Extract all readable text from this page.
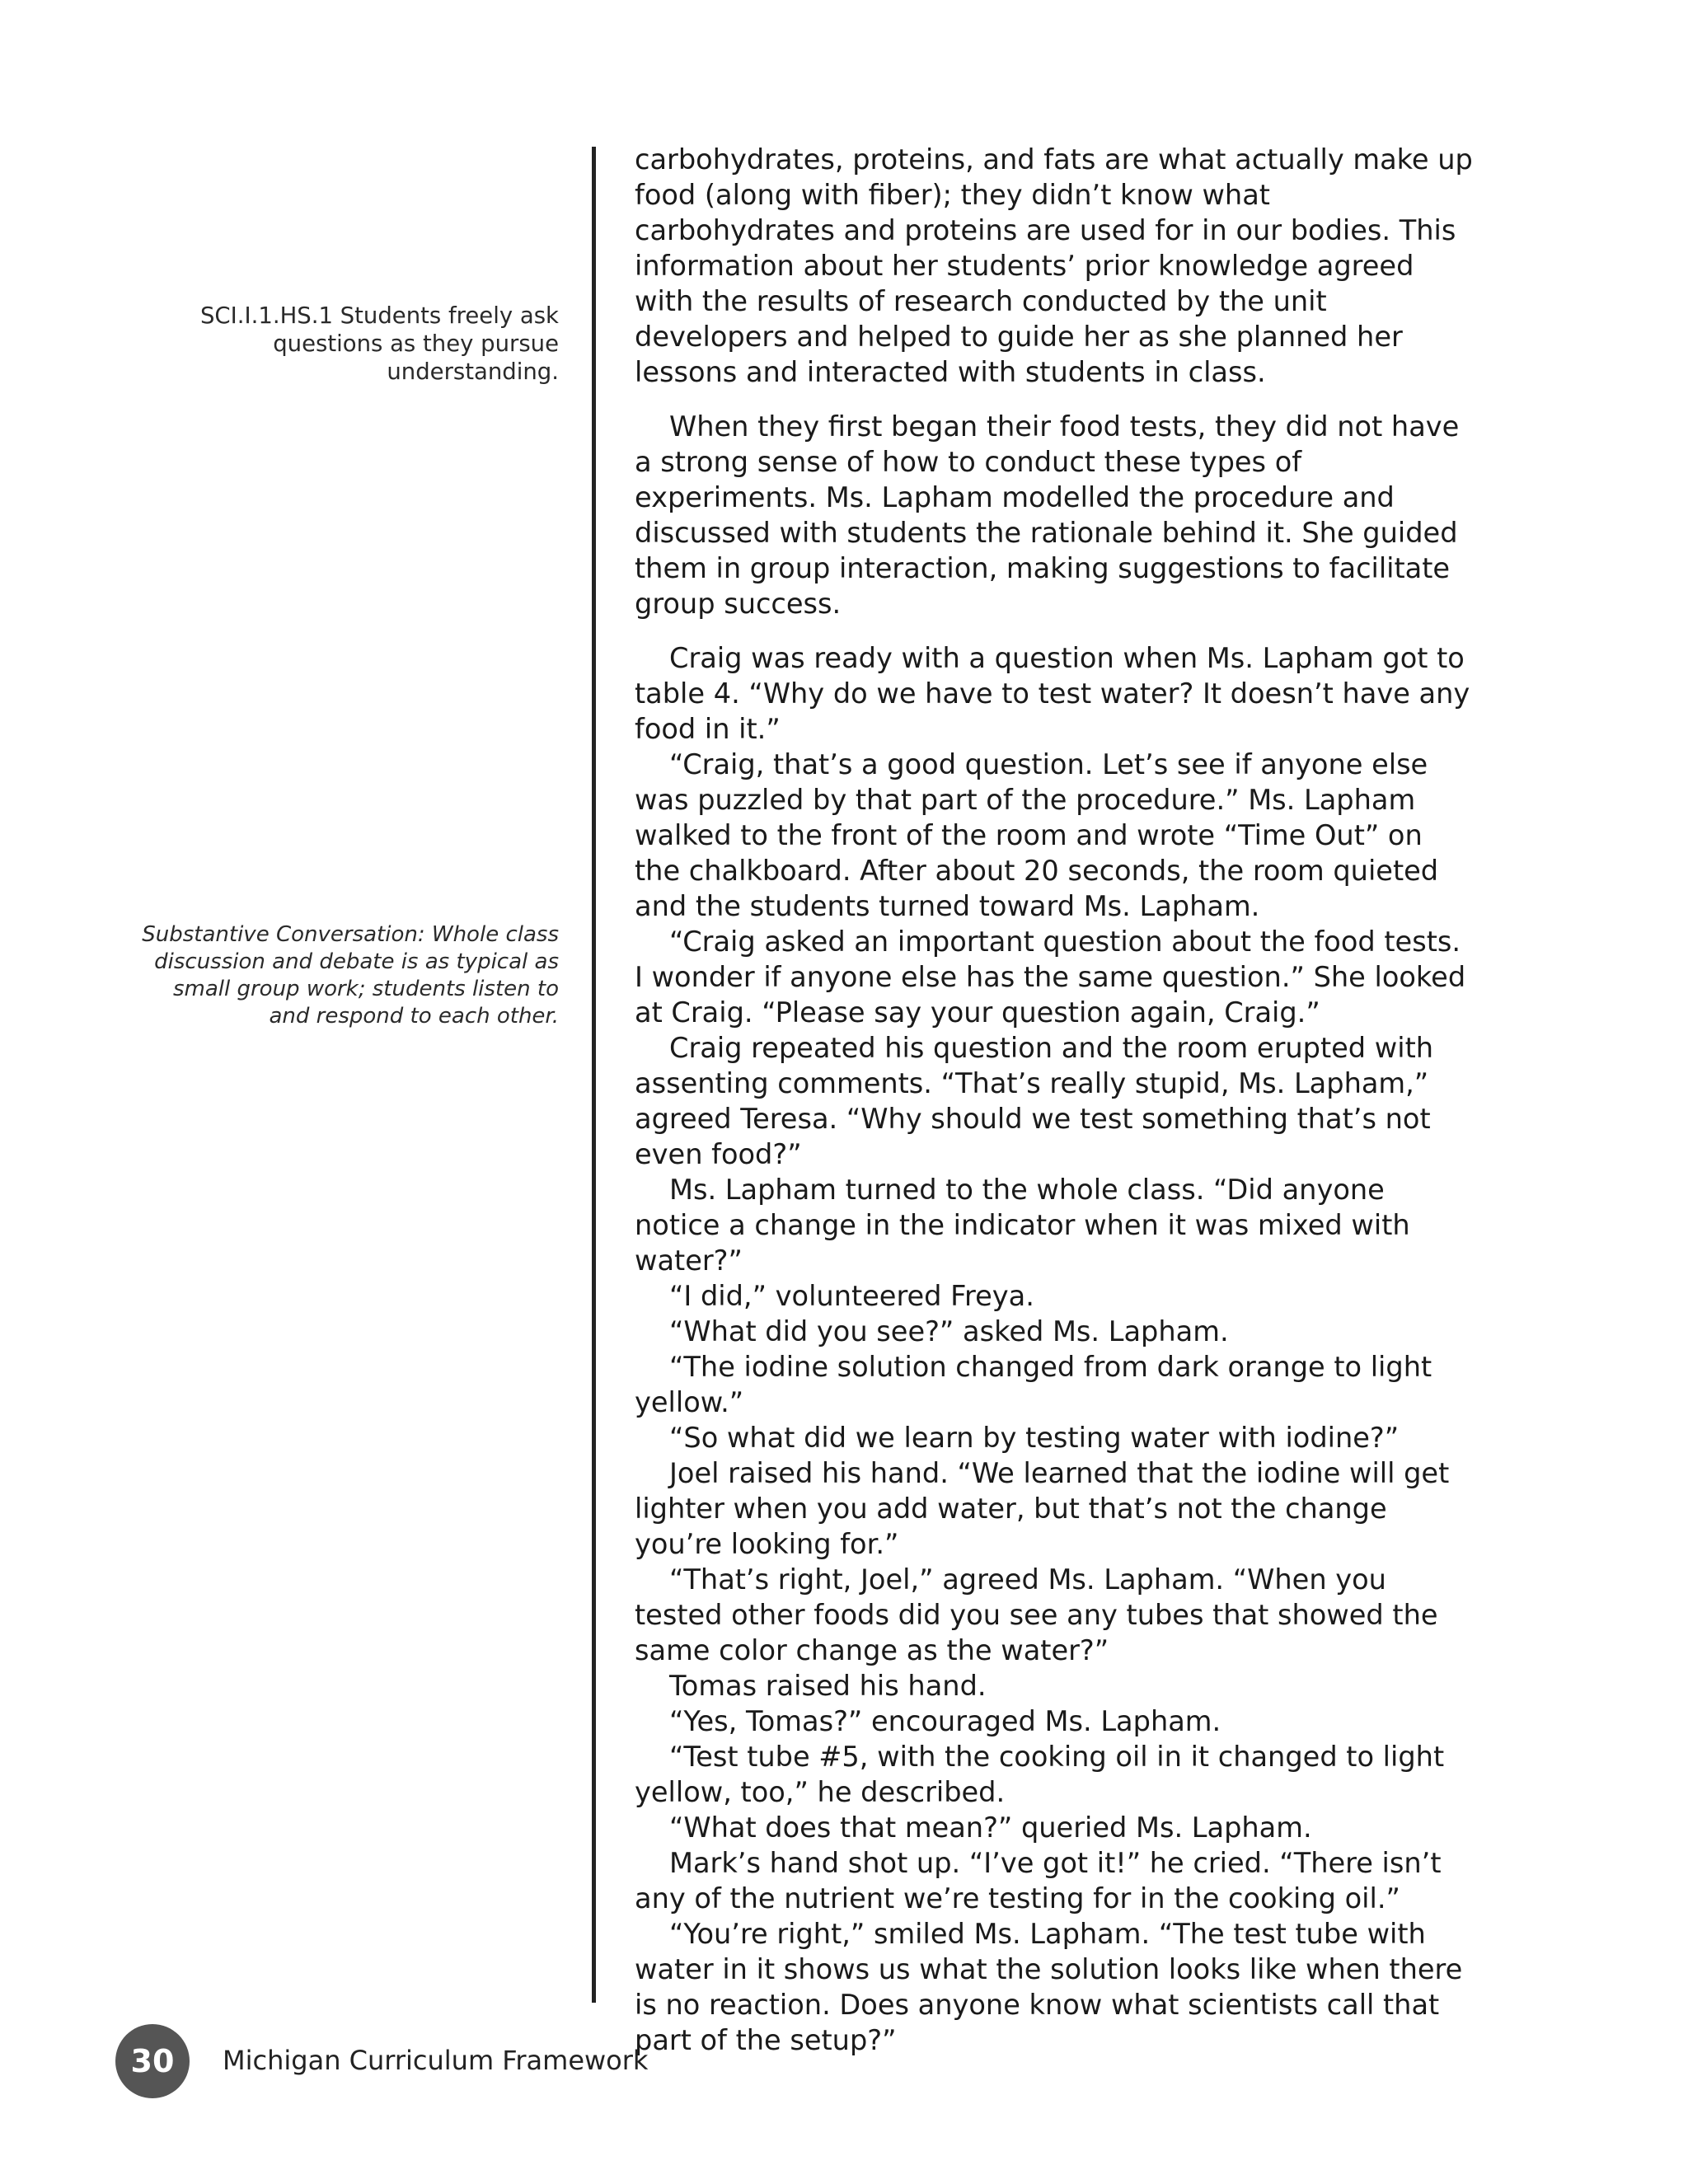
SCI.I.1.HS.1 Students freely ask questions as they pursue understanding.
Substantive Conversation: Whole class discussion and debate is as typical as small group work; students listen to and respond to each other.

carbohydrates, proteins, and fats are what actually make up food (along with fiber); they didn’t know what carbohydrates and proteins are used for in our bodies. This information about her students’ prior knowledge agreed with the results of research conducted by the unit developers and helped to guide her as she planned her lessons and interacted with students in class.

When they first began their food tests, they did not have a strong sense of how to conduct these types of experiments. Ms. Lapham modelled the procedure and discussed with students the rationale behind it. She guided them in group interaction, making suggestions to facilitate group success.

Craig was ready with a question when Ms. Lapham got to table 4. “Why do we have to test water? It doesn’t have any food in it.”

“Craig, that’s a good question. Let’s see if anyone else was puzzled by that part of the procedure.” Ms. Lapham walked to the front of the room and wrote “Time Out” on the chalkboard. After about 20 seconds, the room quieted and the students turned toward Ms. Lapham.

“Craig asked an important question about the food tests. I wonder if anyone else has the same question.” She looked at Craig. “Please say your question again, Craig.”

Craig repeated his question and the room erupted with assenting comments. “That’s really stupid, Ms. Lapham,” agreed Teresa. “Why should we test something that’s not even food?”

Ms. Lapham turned to the whole class. “Did anyone notice a change in the indicator when it was mixed with water?”

“I did,” volunteered Freya.

“What did you see?” asked Ms. Lapham.

“The iodine solution changed from dark orange to light yellow.”

“So what did we learn by testing water with iodine?”

Joel raised his hand. “We learned that the iodine will get lighter when you add water, but that’s not the change you’re looking for.”

“That’s right, Joel,” agreed Ms. Lapham. “When you tested other foods did you see any tubes that showed the same color change as the water?”

Tomas raised his hand.

“Yes, Tomas?” encouraged Ms. Lapham.

“Test tube #5, with the cooking oil in it changed to light yellow, too,” he described.

“What does that mean?” queried Ms. Lapham.

Mark’s hand shot up. “I’ve got it!” he cried. “There isn’t any of the nutrient we’re testing for in the cooking oil.”

“You’re right,” smiled Ms. Lapham. “The test tube with water in it shows us what the solution looks like when there is no reaction. Does anyone know what scientists call that part of the setup?”

30	Michigan Curriculum Framework
